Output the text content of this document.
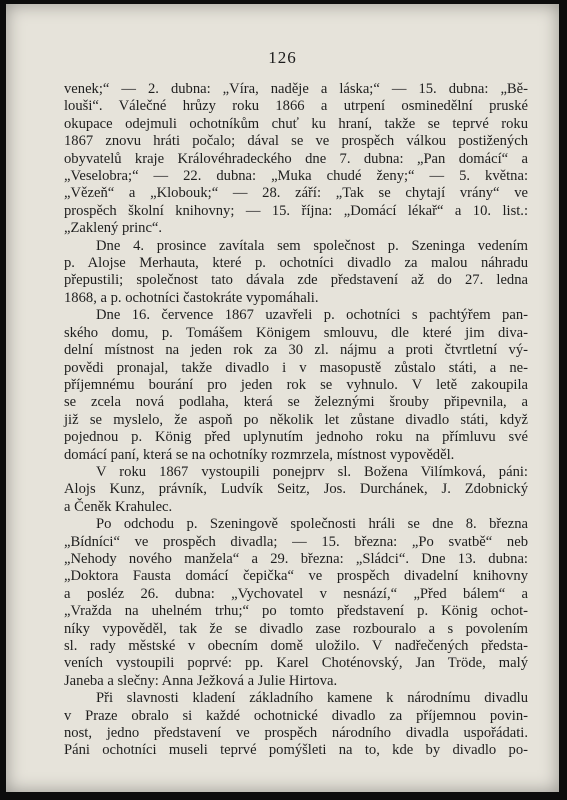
126
venek;“ — 2. dubna: „Víra, naděje a láska;“ — 15. dubna: „Bě-
louši“. Válečné hrůzy roku 1866 a utrpení osminedělní pruské
okupace odejmuli ochotníkům chuť ku hraní, takže se teprvé roku
1867 znovu hráti počalo; dával se ve prospěch válkou postižených
obyvatelů kraje Královéhradeckého dne 7. dubna: „Pan domácí“ a
„Veselobra;“ — 22. dubna: „Muka chudé ženy;“ — 5. května:
„Vězeň“ a „Klobouk;“ — 28. září: „Tak se chytají vrány“ ve
prospěch školní knihovny; — 15. října: „Domácí lékař“ a 10. list.:
„Zaklený princ“.
Dne 4. prosince zavítala sem společnost p. Szeninga vedením
p. Alojse Merhauta, které p. ochotníci divadlo za malou náhradu
přepustili; společnost tato dávala zde představení až do 27. ledna
1868, a p. ochotníci častokráte vypomáhali.
Dne 16. července 1867 uzavřeli p. ochotníci s pachtýřem pan-
ského domu, p. Tomášem Königem smlouvu, dle které jim diva-
delní místnost na jeden rok za 30 zl. nájmu a proti čtvrtletní vý-
povědi pronajal, takže divadlo i v masopustě zůstalo státi, a ne-
příjemnému bourání pro jeden rok se vyhnulo. V letě zakoupila
se zcela nová podlaha, která se železnými šrouby připevnila, a
již se myslelo, že aspoň po několik let zůstane divadlo státi, když
pojednou p. König před uplynutím jednoho roku na přímluvu své
domácí paní, která se na ochotníky rozmrzela, místnost vypověděl.
V roku 1867 vystoupili ponejprv sl. Božena Vilímková, páni:
Alojs Kunz, právník, Ludvík Seitz, Jos. Durchánek, J. Zdobnický
a Čeněk Krahulec.
Po odchodu p. Szeningově společnosti hráli se dne 8. března
„Bídníci“ ve prospěch divadla; — 15. března: „Po svatbě“ neb
„Nehody nového manžela“ a 29. března: „Sládci“. Dne 13. dubna:
„Doktora Fausta domácí čepička“ ve prospěch divadelní knihovny
a posléz 26. dubna: „Vychovatel v nesnází,“ „Před bálem“ a
„Vražda na uhelném trhu;“ po tomto představení p. König ochot-
níky vypověděl, tak že se divadlo zase rozbouralo a s povolením
sl. rady městské v obecním domě uložilo. V nadřečených předsta-
veních vystoupili poprvé: pp. Karel Choténovský, Jan Tröde, malý
Janeba a slečny: Anna Ježková a Julie Hirtova.
Při slavnosti kladení základního kamene k národnímu divadlu
v Praze obralo si každé ochotnické divadlo za příjemnou povin-
nost, jedno představení ve prospěch národního divadla uspořádati.
Páni ochotníci museli teprvé pomýšleti na to, kde by divadlo po-
